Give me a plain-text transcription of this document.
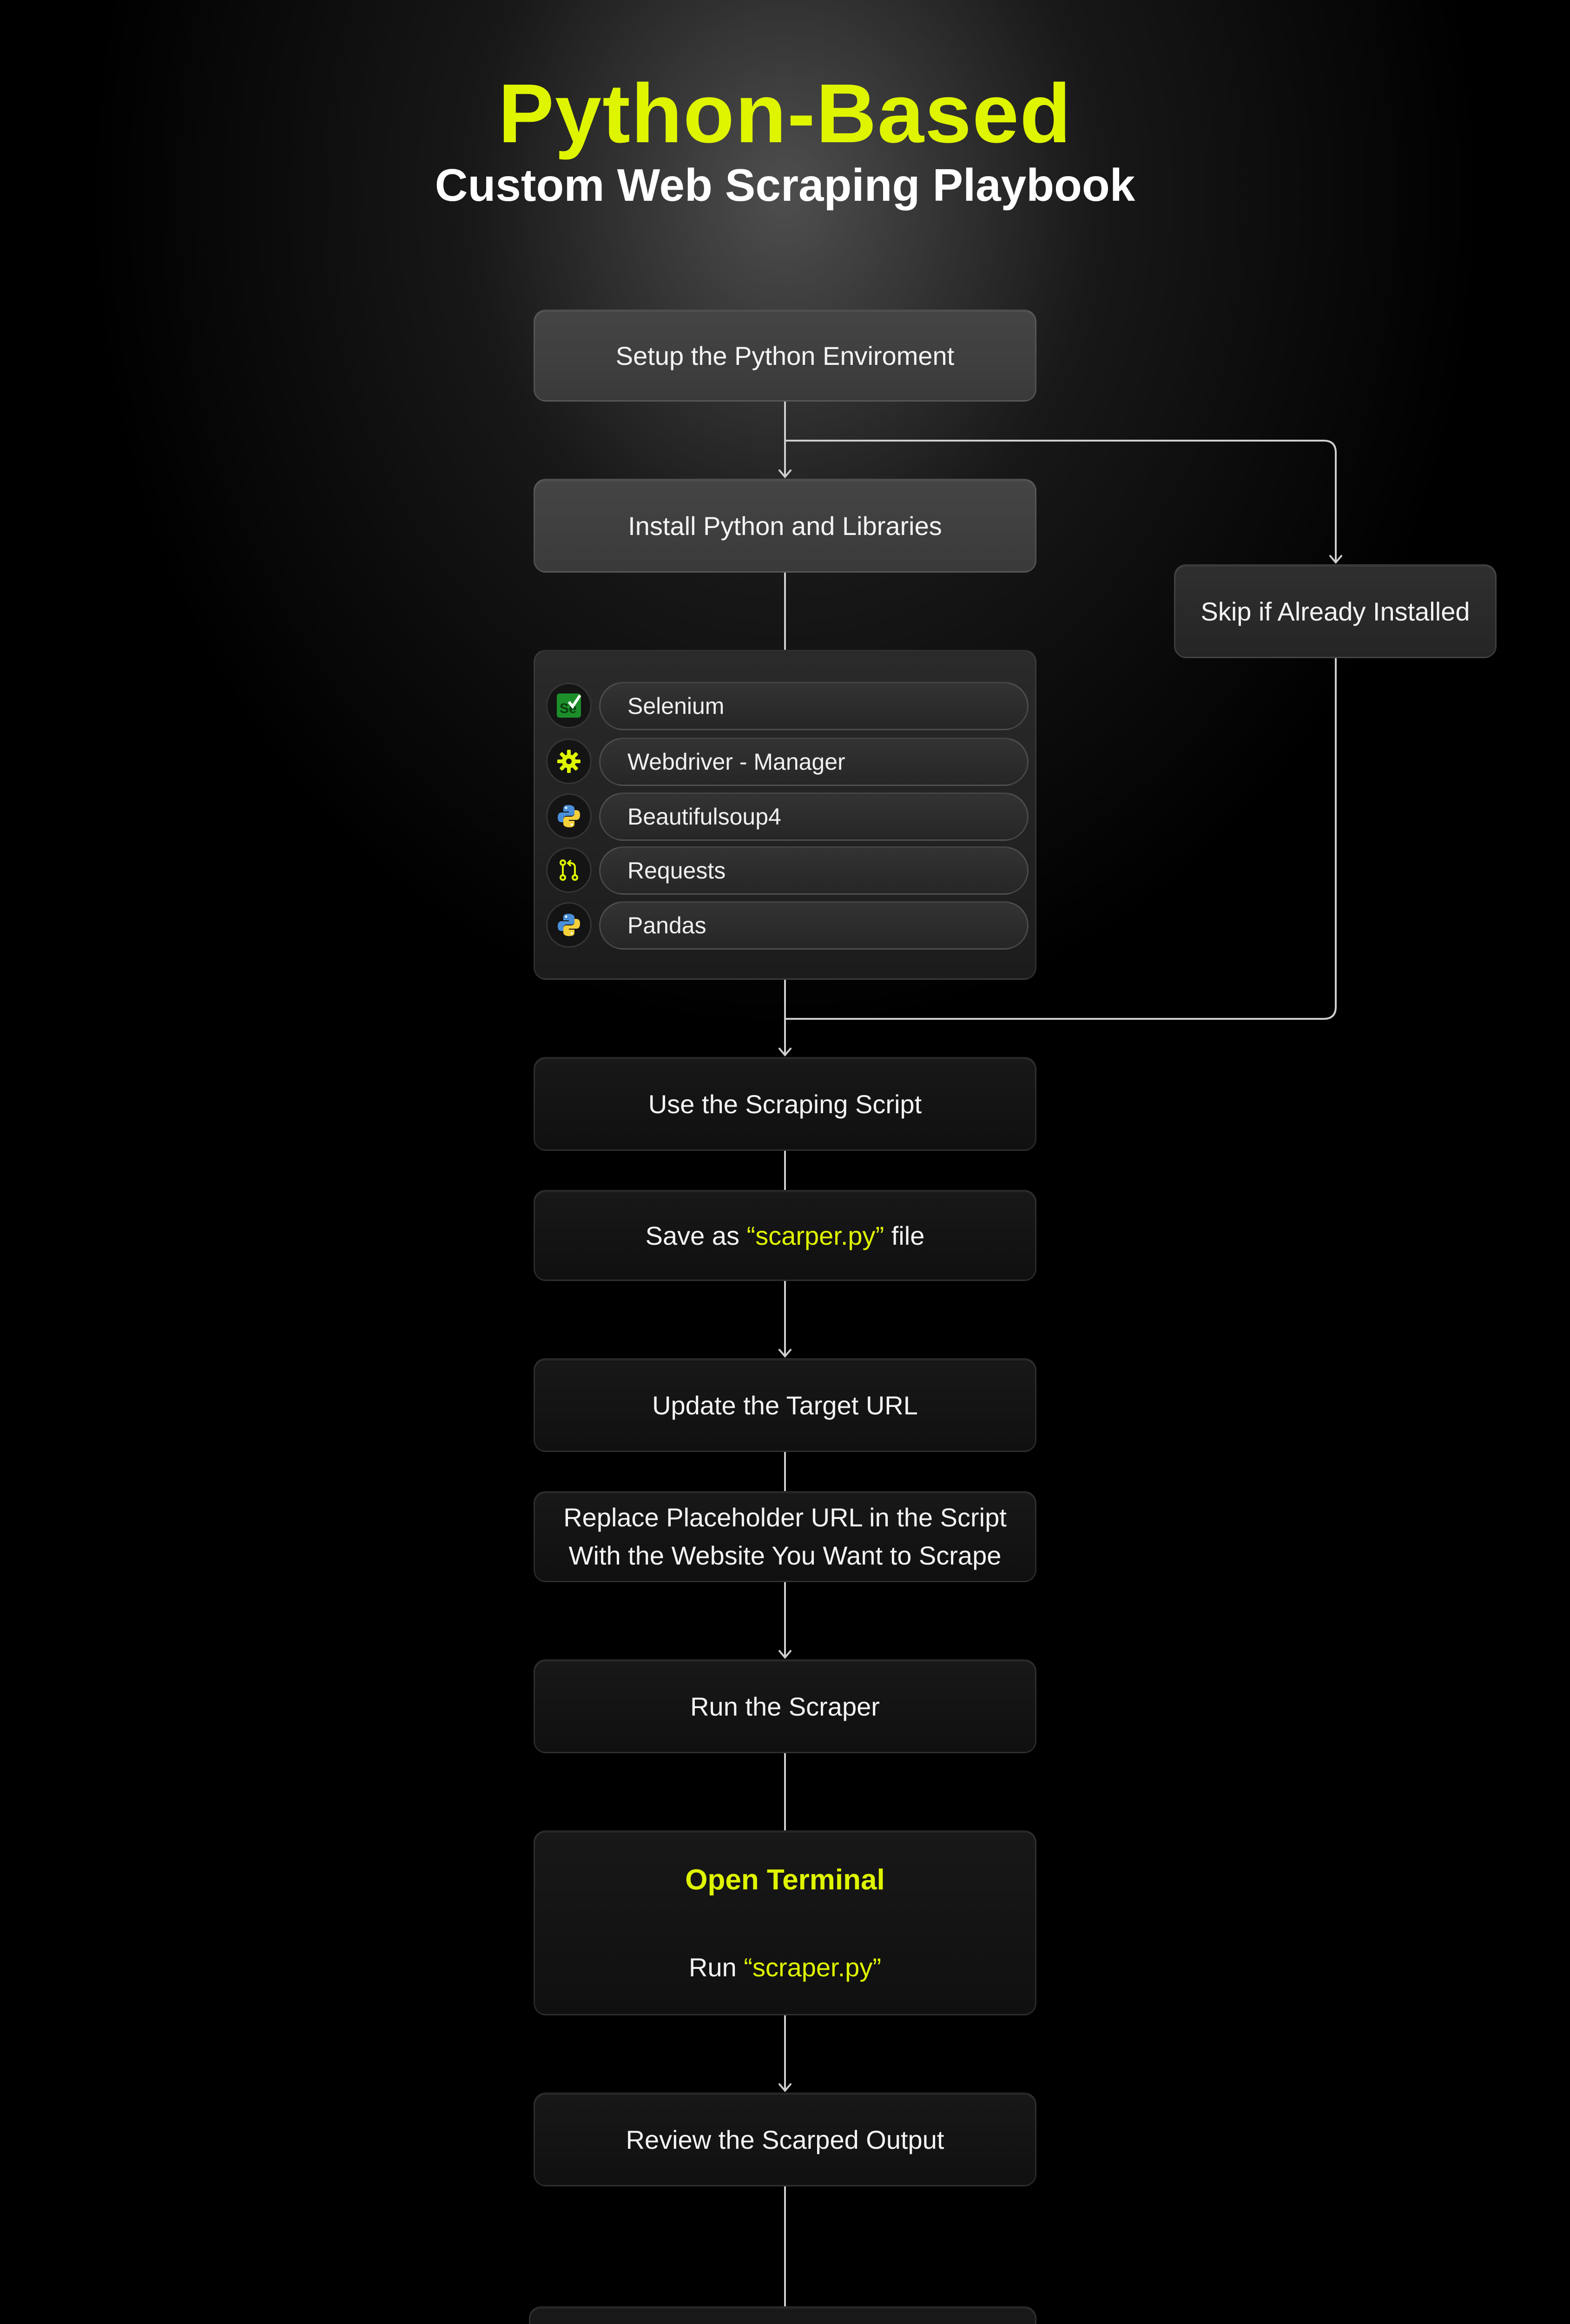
Python-Based
Custom Web Scraping Playbook
Setup the Python Enviroment
Install Python and Libraries
Skip if Already Installed
Se	Selenium
Webdriver - Manager
Beautifulsoup4
Requests
Pandas
Use the Scraping Script
Save as “scarper.py” file
Update the Target URL
Replace Placeholder URL in the Script
With the Website You Want to Scrape
Run the Scraper
Open Terminal
Run “scraper.py”
Review the Scarped Output
